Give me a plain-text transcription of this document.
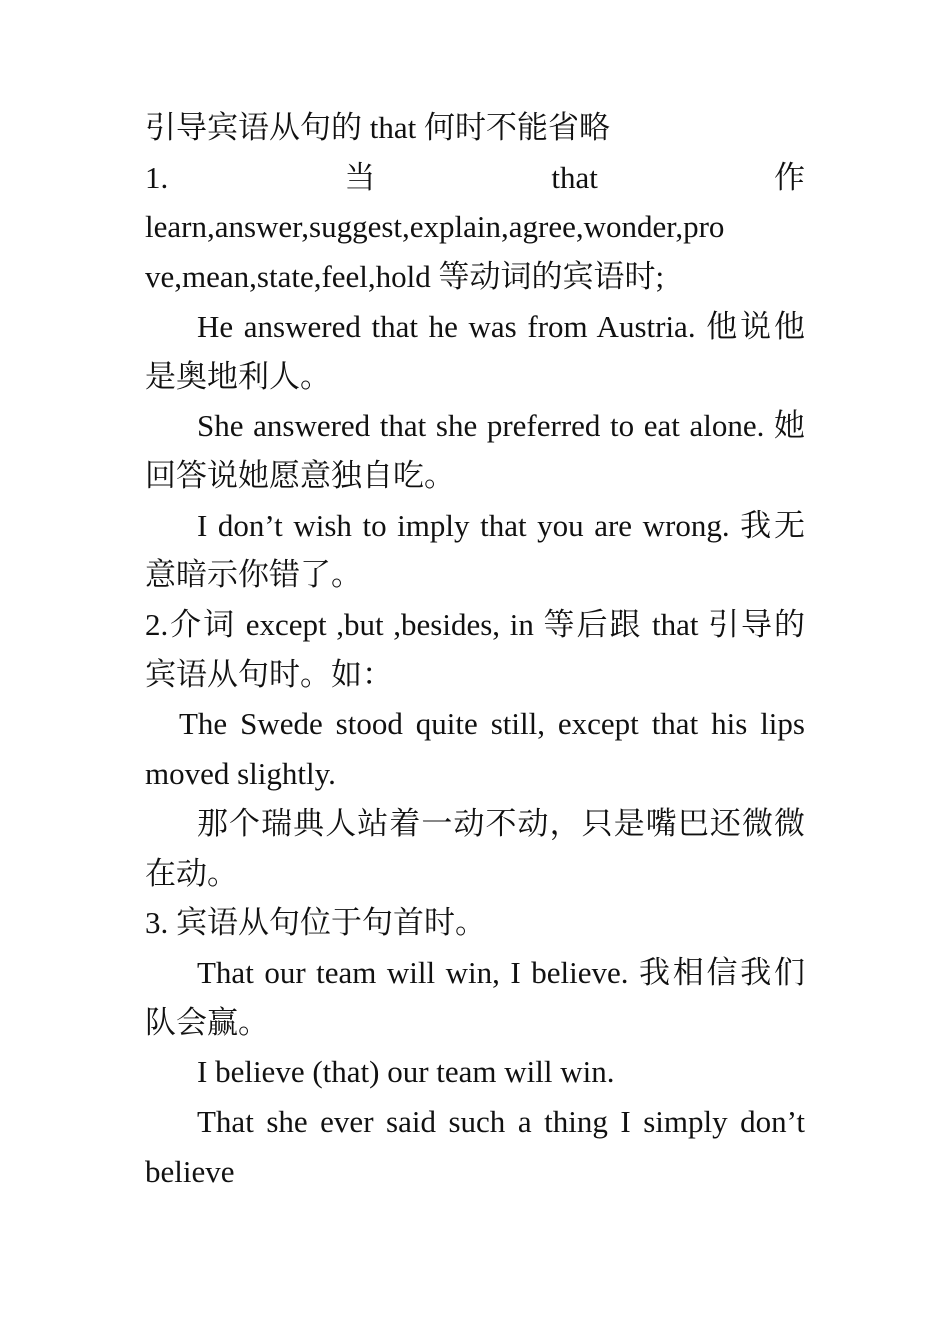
引导宾语从句的 that 何时不能省略

1.	当	that	作

learn,answer,suggest,explain,agree,wonder,pro

ve,mean,state,feel,hold 等动词的宾语时;

He answered that he was from Austria. 他说他是奥地利人。

She answered that she preferred to eat alone. 她回答说她愿意独自吃。

I don’t wish to imply that you are wrong. 我无意暗示你错了。

2.介词 except ,but ,besides, in 等后跟 that 引导的宾语从句时。如：

The Swede stood quite still, except that his lips moved slightly.

那个瑞典人站着一动不动，只是嘴巴还微微在动。

3. 宾语从句位于句首时。

That our team will win, I believe. 我相信我们队会赢。

I believe (that) our team will win.

That she ever said such a thing I simply don’t believe
